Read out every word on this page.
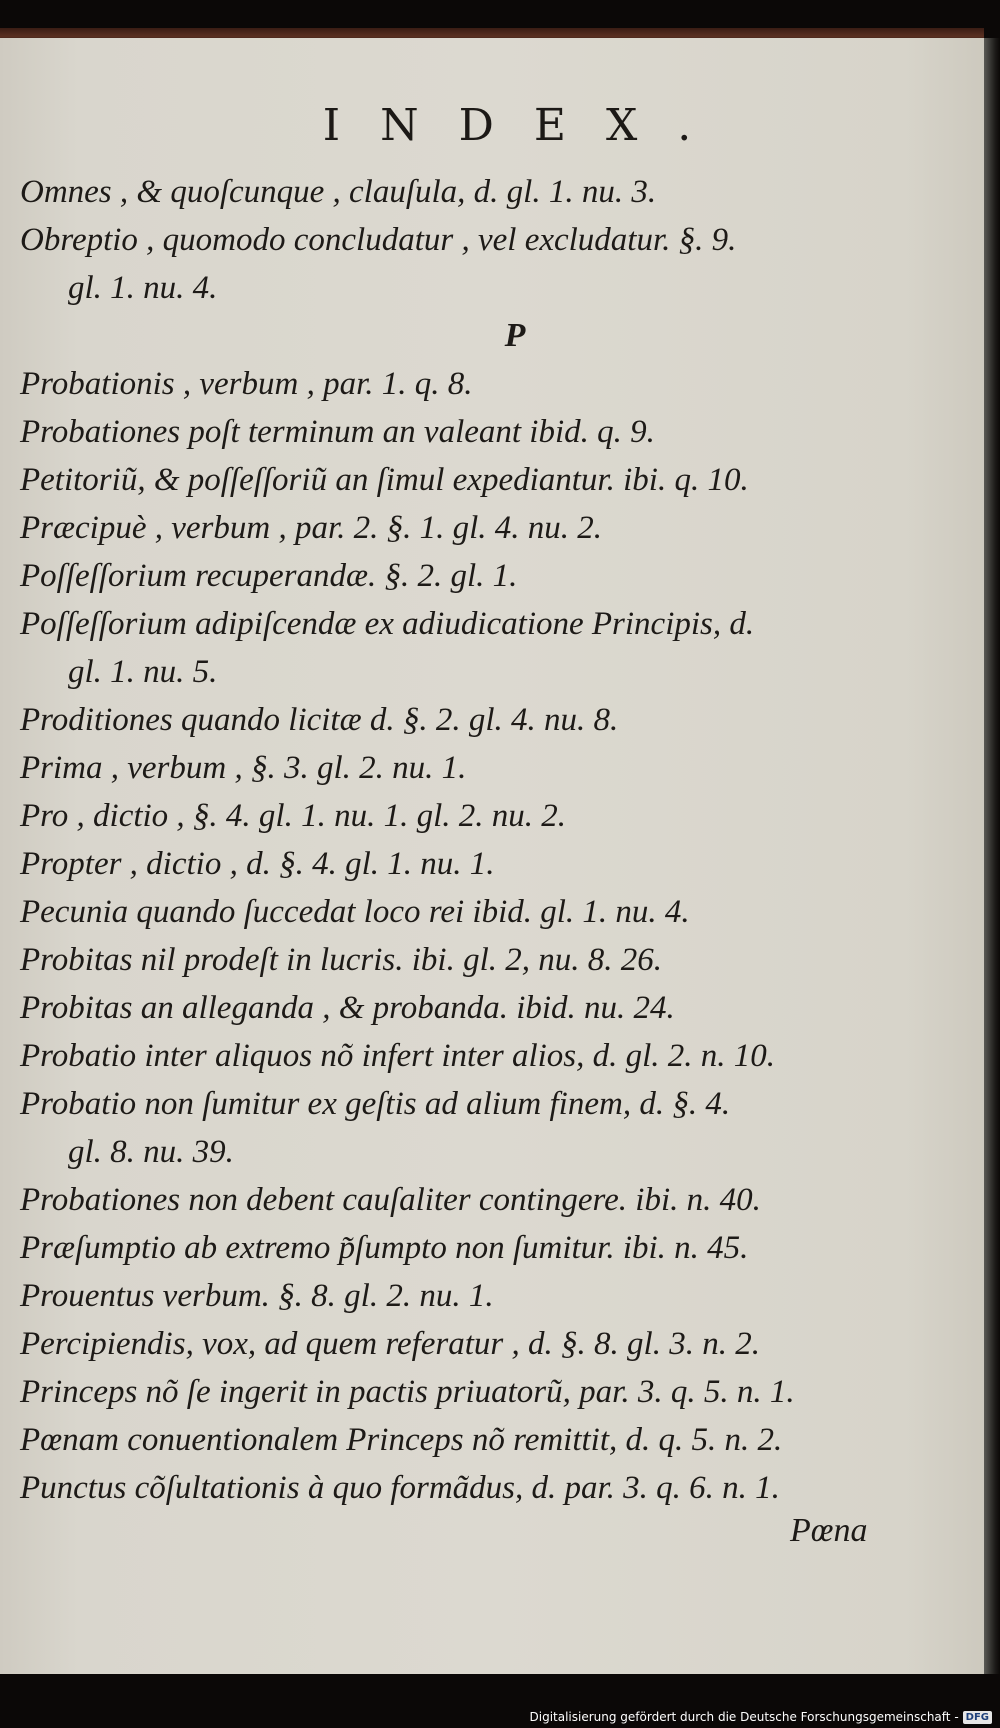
INDEX.
Omnes , & quoſcunque , clauſula, d. gl. 1. nu. 3.
Obreptio , quomodo concludatur , vel excludatur. §. 9.
gl. 1. nu. 4.
P
Probationis , verbum , par. 1. q. 8.
Probationes poſt terminum an valeant ibid. q. 9.
Petitoriũ, & poſſeſſoriũ an ſimul expediantur. ibi. q. 10.
Præcipuè , verbum , par. 2. §. 1. gl. 4. nu. 2.
Poſſeſſorium recuperandæ. §. 2. gl. 1.
Poſſeſſorium adipiſcendæ ex adiudicatione Principis, d.
gl. 1. nu. 5.
Proditiones quando licitæ d. §. 2. gl. 4. nu. 8.
Prima , verbum , §. 3. gl. 2. nu. 1.
Pro , dictio , §. 4. gl. 1. nu. 1. gl. 2. nu. 2.
Propter , dictio , d. §. 4. gl. 1. nu. 1.
Pecunia quando ſuccedat loco rei ibid. gl. 1. nu. 4.
Probitas nil prodeſt in lucris. ibi. gl. 2, nu. 8. 26.
Probitas an alleganda , & probanda. ibid. nu. 24.
Probatio inter aliquos nõ infert inter alios, d. gl. 2. n. 10.
Probatio non ſumitur ex geſtis ad alium finem, d. §. 4.
gl. 8. nu. 39.
Probationes non debent cauſaliter contingere. ibi. n. 40.
Præſumptio ab extremo p̃ſumpto non ſumitur. ibi. n. 45.
Prouentus verbum. §. 8. gl. 2. nu. 1.
Percipiendis, vox, ad quem referatur , d. §. 8. gl. 3. n. 2.
Princeps nõ ſe ingerit in pactis priuatorũ, par. 3. q. 5. n. 1.
Pœnam conuentionalem Princeps nõ remittit, d. q. 5. n. 2.
Punctus cõſultationis à quo formãdus, d. par. 3. q. 6. n. 1.
Pœna
Digitalisierung gefördert durch die Deutsche Forschungsgemeinschaft - DFG
